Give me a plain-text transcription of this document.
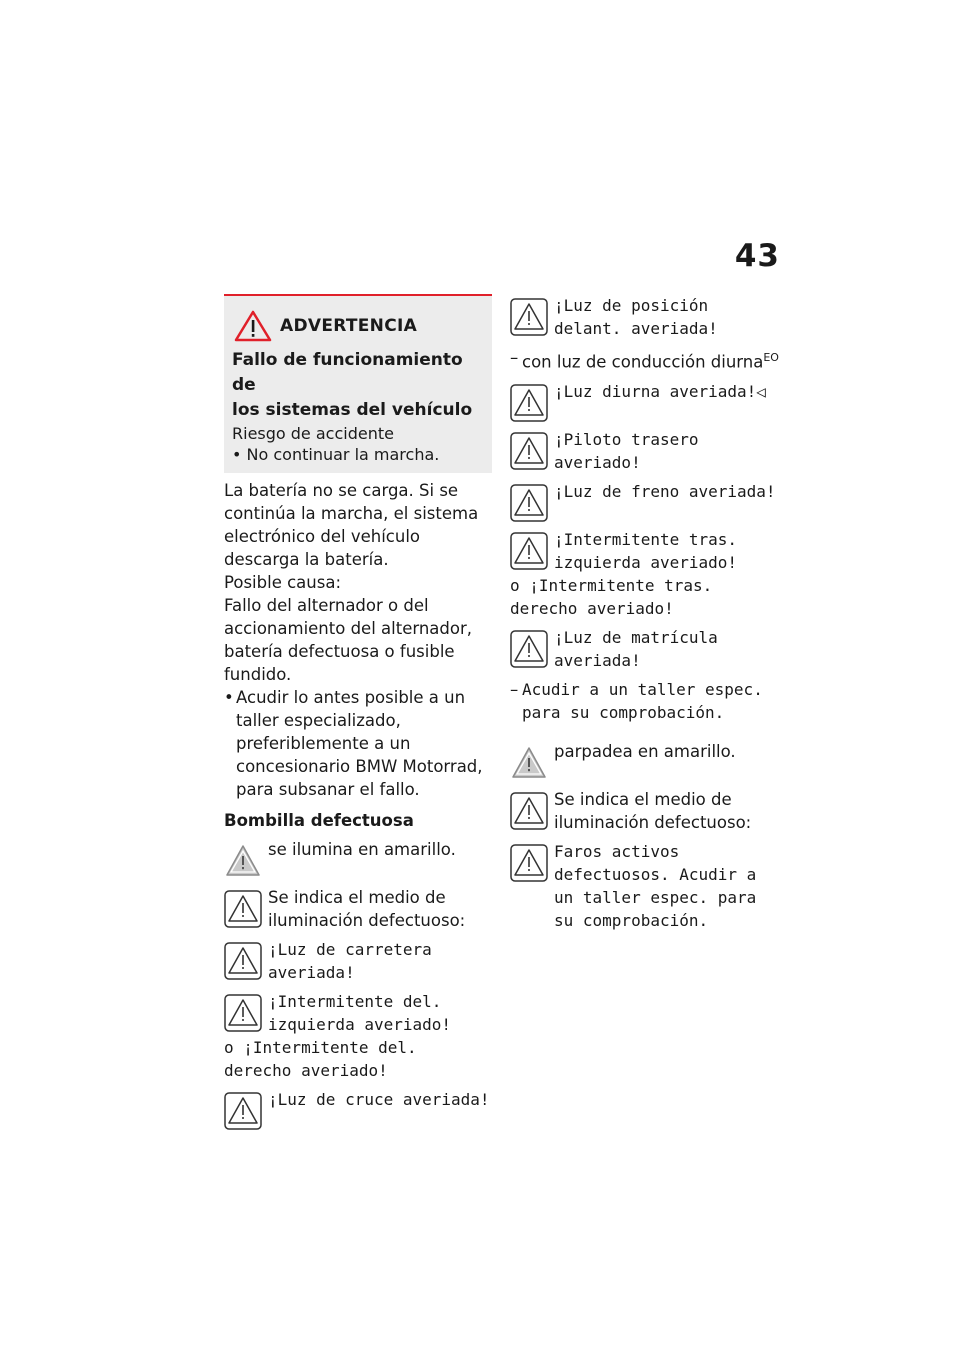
43
ADVERTENCIA
Fallo de funcionamiento de
los sistemas del vehículo
Riesgo de accidente
• No continuar la marcha.

La batería no se carga. Si se continúa la marcha, el sistema electrónico del vehículo descarga la batería.

Posible causa:

Fallo del alternador o del accionamiento del alternador, batería defectuosa o fusible fundido.

• Acudir lo antes posible a un taller especializado, preferiblemente a un concesionario BMW Motorrad, para subsanar el fallo.
Bombilla defectuosa
se ilumina en amarillo.
Se indica el medio de iluminación defectuoso:
¡Luz de carretera averiada!
¡Intermitente del. izquierda averiado!

o ¡Intermitente del. derecho averiado!

¡Luz de cruce averiada!
¡Luz de posición delant. averiada!
– con luz de conducción diurna$^{EO}$
¡Luz diurna averiada!◁
¡Piloto trasero averiado!
¡Luz de freno averiada!
¡Intermitente tras. izquierda averiado!

o ¡Intermitente tras. derecho averiado!

¡Luz de matrícula averiada!
– Acudir a un taller espec. para su comprobación.
parpadea en amarillo.
Se indica el medio de iluminación defectuoso:
Faros activos defectuosos. Acudir a un taller espec. para su comprobación.
